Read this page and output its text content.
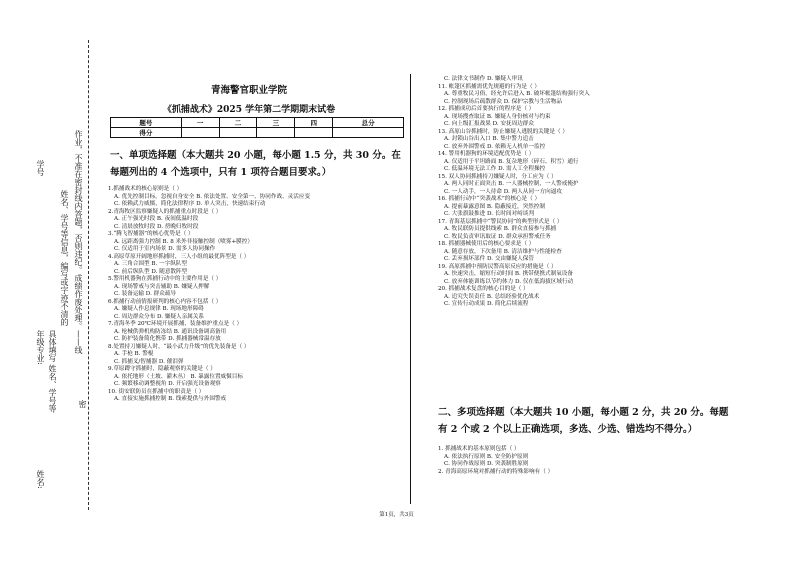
学号	作业，不准在密封线内答题，否则违纪。成绩作废处理。——线
姓名、学号等信息，编写或字迹不清的
具体填写 姓名、学号等
年级专业:
密
姓名:
青海警官职业学院
《抓捕战术》2025 学年第二学期期末试卷
题号	一	二	三	四	总分
得分					
一、单项选择题（本大题共 20 小题，每小题 1.5 分，共 30 分。在
每题列出的 4 个选项中，只有 1 项符合题目要求。）
1.抓捕战术的核心原则是（ ）
A. 优先控制目标，忽视自身安全 B. 依法处置、安全第一、协同作战、灵活应变
C. 依赖武力威慑，简化法律程序 D. 单人突击，快速结束行动
2.青海牧区监察嫌疑人的抓捕重点时段是（ ）
A. 正午强光时段 B. 夜间低温时段
C. 清晨放牧时段 D. 傍晚归牧时段
3.“腾飞智捕器”的核心优势是（ ）
A. 远距离强力控制 B. 8 米外非接触控制（喷雾+膜控）
C. 仅适用于室内场景 D. 需多人协同操作
4.高原草原开阔地形抓捕时，三人小组的最优阵型是（ ）
A. 三角合围型 B. 一字纵队型
C. 前后纵队型 D. 随意散阵型
5.警用机器狗在抓捕行动中的主要作用是（ ）
A. 现场警戒与突击辅助 B. 嫌疑人押解
C. 装备运输 D. 群众疏导
6.抓捕行动前情报研判的核心内容不包括（ ）
A. 嫌疑人作息规律 B. 现场地形障碍
C. 周边群众分布 D. 嫌疑人亲属关系
7.青海冬季 20℃环境开展抓捕，装备维护重点是（ ）
A. 枪械供弹机构防冻结 B. 通讯设备调高备用
C. 防护装备简化携带 D. 抓捕器械常温存放
8.处置持刀嫌疑人时，“最小武力升级”的优先装备是（ ）
A. 手枪 B. 警棍
C. 抓捕叉/智捕器 D. 催泪弹
9.草原蹲守抓捕时，隐蔽观察的关键是（ ）
A. 依托地形（土坡、灌木丛） B. 暴露位置威慑目标
C. 频繁移动调整视角 D. 开启强光设备观察
10. 街安联防员在抓捕中的职责是（ ）
A. 直接实施抓捕控制 B. 线索提供与外围警戒
C. 法律文书制作 D. 嫌疑人审讯
11. 帐篷区抓捕需优先规避的行为是（ ）
A. 尊重牧民习俗，经允许后进入 B. 破坏帐篷结构强行突入
C. 控制现场后疏散群众 D. 保护宗教与生活物品
12. 抓捕成功后首要执行的程序是（ ）
A. 现场搜查取证 B. 嫌疑人身份核对与约束
C. 向上级汇报战果 D. 安抚周边群众
13. 高原山谷抓捕时，防止嫌疑人逃脱的关键是（ ）
A. 封锁山谷出入口 B. 集中警力追击
C. 放弃外围警戒 D. 依赖无人机单一监控
14. 警用机器狗的环境适配优势是（ ）
A. 仅适用于平坦路面 B. 复杂地形（碎石、积雪）通行
C. 低温环境无法工作 D. 需人工全程操控
15. 双人协同抓捕持刀嫌疑人时，分工应为（ ）
A. 两人同时正面突击 B. 一人器械控制，一人警戒掩护
C. 一人动手，一人待命 D. 两人从同一方向逼攻
16. 抓捕行动中“突袭战术”的核心是（ ）
A. 提前暴露意图 B. 隐蔽接近，突然控制
C. 大张旗鼓推进 D. 长时间对峙谈判
17. 青海基层抓捕中“警民协同”的典型形式是（ ）
A. 牧民联防员提供线索 B. 群众直接参与抓捕
C. 牧民负责审讯取证 D. 群众承担警戒任务
18. 抓捕器械使用后的核心要求是（ ）
A. 随意存放，下次备用 B. 清洁维护与性能检查
C. 丢弃损坏部件 D. 交由嫌疑人保管
19. 高原抓捕中预防民警高原反应的措施是（ ）
A. 快速突击，缩短行动时间 B. 携带便携式制氧设备
C. 放弃体能训练以节约体力 D. 仅在低海拔区域行动
20. 抓捕战术复盘的核心目的是（ ）
A. 追究失误责任 B. 总结经验优化战术
C. 宣传行动成果 D. 简化后续流程
二、多项选择题（本大题共 10 小题，每小题 2 分，共 20 分。每题
有 2 个或 2 个以上正确选项，多选、少选、错选均不得分。）
1. 抓捕战术的基本原则包括（ ）
A. 依法执行原则 B. 安全防护原则
C. 协同作战原则 D. 突袭制胜原则
2. 青海高原环境对抓捕行动的特殊影响有（ ）
第1页，共3页
